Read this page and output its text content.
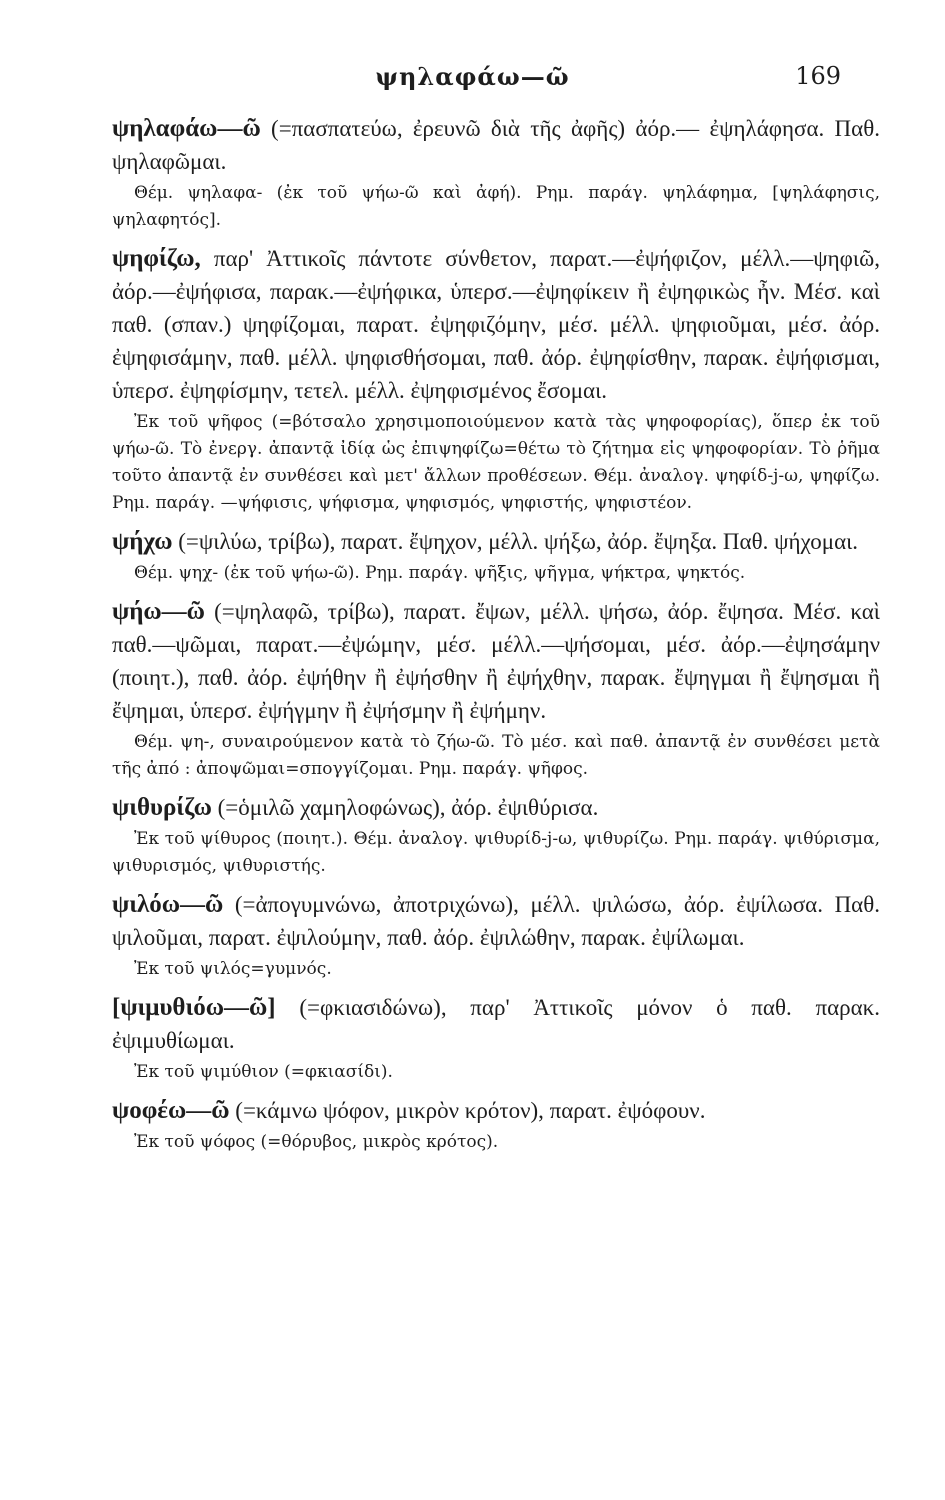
ψηλαφάω—ῶ	169

ψηλαφάω—ῶ (=πασπατεύω, ἐρευνῶ διὰ τῆς ἀφῆς) ἀόρ.— ἐψηλάφησα. Παθ. ψηλαφῶμαι.

Θέμ. ψηλαφα- (ἐκ τοῦ ψήω-ῶ καὶ ἀφή). Ρημ. παράγ. ψηλάφημα, [ψηλάφησις, ψηλαφητός].

ψηφίζω, παρ' Ἀττικοῖς πάντοτε σύνθετον, παρατ.—ἐψήφιζον, μέλλ.—ψηφιῶ, ἀόρ.—ἐψήφισα, παρακ.—ἐψήφικα, ὑπερσ.—ἐψηφίκειν ἢ ἐψηφικὼς ἦν. Μέσ. καὶ παθ. (σπαν.) ψηφίζομαι, παρατ. ἐψηφιζόμην, μέσ. μέλλ. ψηφιοῦμαι, μέσ. ἀόρ. ἐψηφισάμην, παθ. μέλλ. ψηφισθήσομαι, παθ. ἀόρ. ἐψηφίσθην, παρακ. ἐψήφισμαι, ὑπερσ. ἐψηφίσμην, τετελ. μέλλ. ἐψηφισμένος ἔσομαι.

Ἐκ τοῦ ψῆφος (=βότσαλο χρησιμοποιούμενον κατὰ τὰς ψηφοφορίας), ὅπερ ἐκ τοῦ ψήω-ῶ. Τὸ ἐνεργ. ἀπαντᾷ ἰδίᾳ ὡς ἐπιψηφίζω=θέτω τὸ ζήτημα εἰς ψηφοφορίαν. Τὸ ῥῆμα τοῦτο ἀπαντᾷ ἐν συνθέσει καὶ μετ' ἄλλων προθέσεων. Θέμ. ἀναλογ. ψηφίδ-j-ω, ψηφίζω. Ρημ. παράγ. —ψήφισις, ψήφισμα, ψηφισμός, ψηφιστής, ψηφιστέον.

ψήχω (=ψιλύω, τρίβω), παρατ. ἔψηχον, μέλλ. ψήξω, ἀόρ. ἔψηξα. Παθ. ψήχομαι.

Θέμ. ψηχ- (ἐκ τοῦ ψήω-ῶ). Ρημ. παράγ. ψῆξις, ψῆγμα, ψήκτρα, ψηκτός.

ψήω—ῶ (=ψηλαφῶ, τρίβω), παρατ. ἔψων, μέλλ. ψήσω, ἀόρ. ἔψησα. Μέσ. καὶ παθ.—ψῶμαι, παρατ.—ἐψώμην, μέσ. μέλλ.—ψήσομαι, μέσ. ἀόρ.—ἐψησάμην (ποιητ.), παθ. ἀόρ. ἐψήθην ἢ ἐψήσθην ἢ ἐψήχθην, παρακ. ἔψηγμαι ἢ ἔψησμαι ἢ ἔψημαι, ὑπερσ. ἐψήγμην ἢ ἐψήσμην ἢ ἐψήμην.

Θέμ. ψη-, συναιρούμενον κατὰ τὸ ζήω-ῶ. Τὸ μέσ. καὶ παθ. ἀπαντᾷ ἐν συνθέσει μετὰ τῆς ἀπό : ἀποψῶμαι=σπογγίζομαι. Ρημ. παράγ. ψῆφος.

ψιθυρίζω (=ὁμιλῶ χαμηλοφώνως), ἀόρ. ἐψιθύρισα.

Ἐκ τοῦ ψίθυρος (ποιητ.). Θέμ. ἀναλογ. ψιθυρίδ-j-ω, ψιθυρίζω. Ρημ. παράγ. ψιθύρισμα, ψιθυρισμός, ψιθυριστής.

ψιλόω—ῶ (=ἀπογυμνώνω, ἀποτριχώνω), μέλλ. ψιλώσω, ἀόρ. ἐψίλωσα. Παθ. ψιλοῦμαι, παρατ. ἐψιλούμην, παθ. ἀόρ. ἐψιλώθην, παρακ. ἐψίλωμαι.

Ἐκ τοῦ ψιλός=γυμνός.

[ψιμυθιόω—ῶ] (=φκιασιδώνω), παρ' Ἀττικοῖς μόνον ὁ παθ. παρακ. ἐψιμυθίωμαι.

Ἐκ τοῦ ψιμύθιον (=φκιασίδι).

ψοφέω—ῶ (=κάμνω ψόφον, μικρὸν κρότον), παρατ. ἐψόφουν.

Ἐκ τοῦ ψόφος (=θόρυβος, μικρὸς κρότος).
